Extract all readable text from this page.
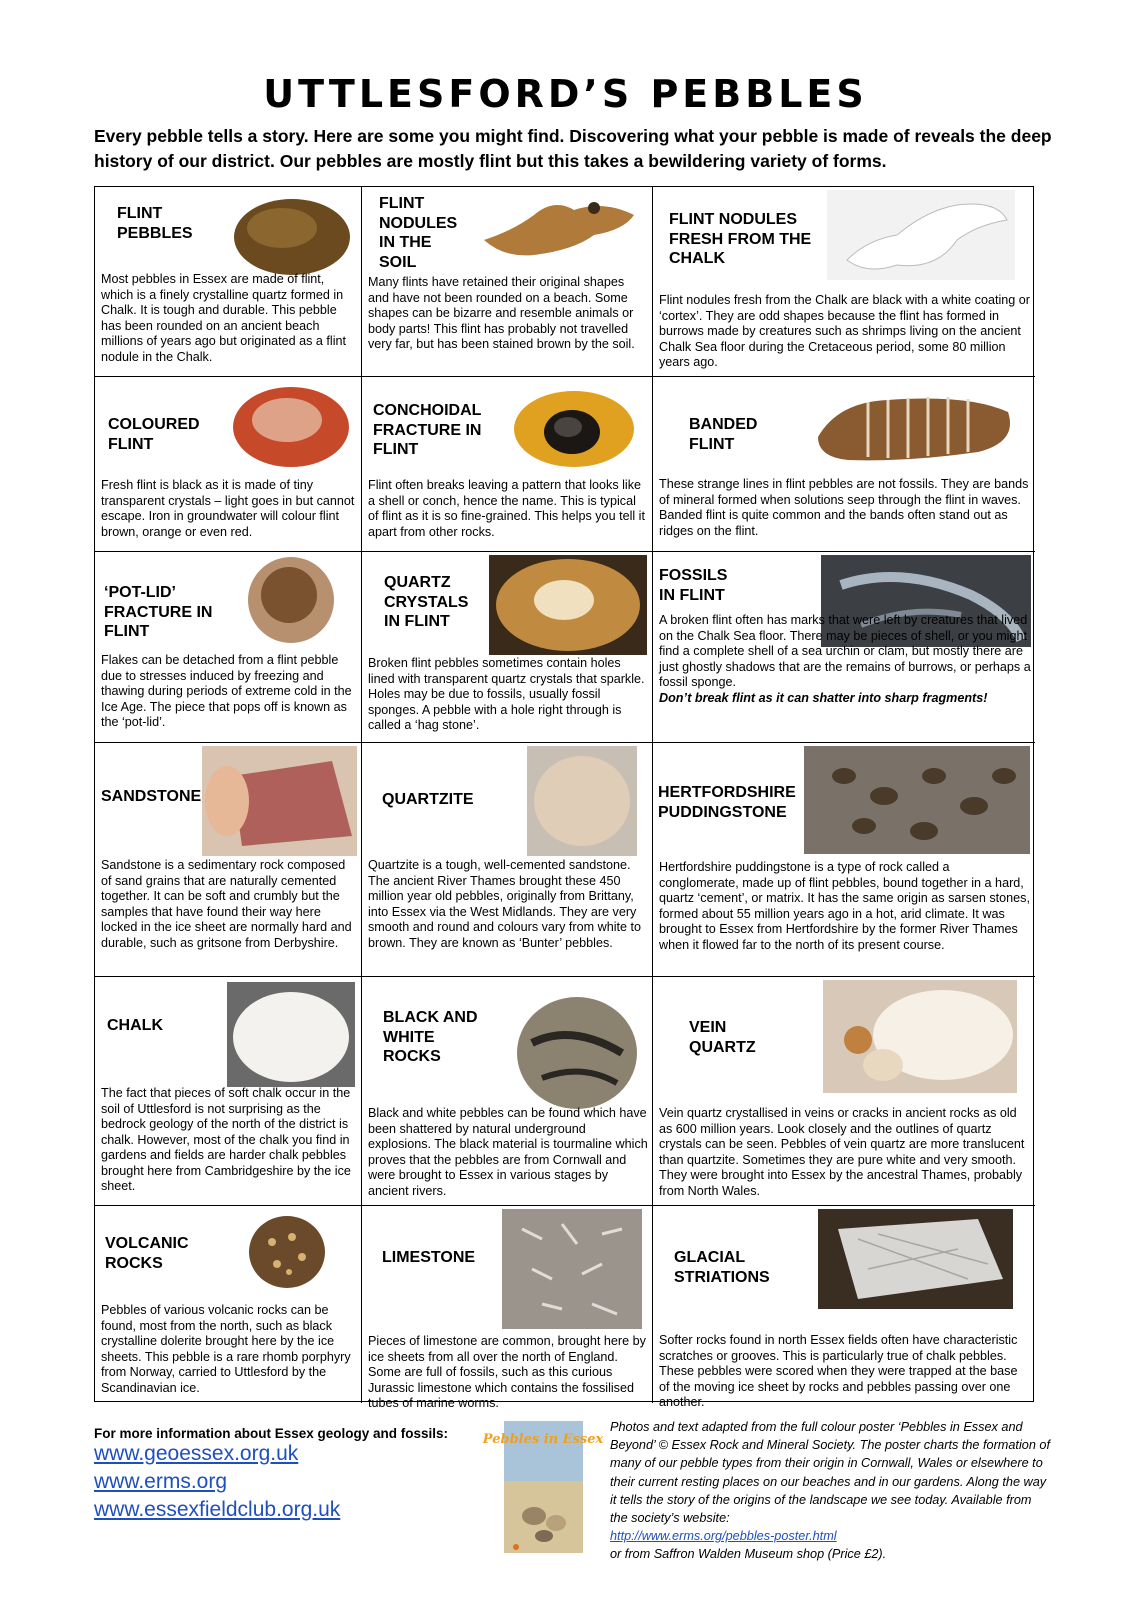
UTTLESFORD’S PEBBLES
Every pebble tells a story. Here are some you might find. Discovering what your pebble is made of reveals the deep history of our district. Our pebbles are mostly flint but this takes a bewildering variety of forms.
FLINT
PEBBLES
Most pebbles in Essex are made of flint, which is a finely crystalline quartz formed in Chalk. It is tough and durable. This pebble has been rounded on an ancient beach millions of years ago but originated as a flint nodule in the Chalk.
FLINT
NODULES
IN THE
SOIL
Many flints have retained their original shapes and have not been rounded on a beach. Some shapes can be bizarre and resemble animals or body parts! This flint has probably not travelled very far, but has been stained brown by the soil.
FLINT NODULES
FRESH FROM THE
CHALK
Flint nodules fresh from the Chalk are black with a white coating or ‘cortex’. They are odd shapes because the flint has formed in burrows made by creatures such as shrimps living on the ancient Chalk Sea floor during the Cretaceous period, some 80 million years ago.
COLOURED
FLINT
Fresh flint is black as it is made of tiny transparent crystals – light goes in but cannot escape. Iron in groundwater will colour flint brown, orange or even red.
CONCHOIDAL
FRACTURE IN
FLINT
Flint often breaks leaving a pattern that looks like a shell or conch, hence the name. This is typical of flint as it is so fine-grained. This helps you tell it apart from other rocks.
BANDED
FLINT
These strange lines in flint pebbles are not fossils. They are bands of mineral formed when solutions seep through the flint in waves. Banded flint is quite common and the bands often stand out as ridges on the flint.
‘POT-LID’
FRACTURE IN
FLINT
Flakes can be detached from a flint pebble due to stresses induced by freezing and thawing during periods of extreme cold in the Ice Age. The piece that pops off is known as the ‘pot-lid’.
QUARTZ
CRYSTALS
IN FLINT
Broken flint pebbles sometimes contain holes lined with transparent quartz crystals that sparkle. Holes may be due to fossils, usually fossil sponges. A pebble with a hole right through is called a ‘hag stone’.
FOSSILS
IN FLINT
A broken flint often has marks that were left by creatures that lived on the Chalk Sea floor. There may be pieces of shell, or you might find a complete shell of a sea urchin or clam, but mostly there are just ghostly shadows that are the remains of burrows, or perhaps a fossil sponge.
Don’t break flint as it can shatter into sharp fragments!
SANDSTONE
Sandstone is a sedimentary rock composed of sand grains that are naturally cemented together. It can be soft and crumbly but the samples that have found their way here locked in the ice sheet are normally hard and durable, such as gritsone from Derbyshire.
QUARTZITE
Quartzite is a tough, well-cemented sandstone. The ancient River Thames brought these 450 million year old pebbles, originally from Brittany, into Essex via the West Midlands. They are very smooth and round and colours vary from white to brown. They are known as ‘Bunter’ pebbles.
HERTFORDSHIRE
PUDDINGSTONE
Hertfordshire puddingstone is a type of rock called a conglomerate, made up of flint pebbles, bound together in a hard, quartz ‘cement’, or matrix. It has the same origin as sarsen stones, formed about 55 million years ago in a hot, arid climate. It was brought to Essex from Hertfordshire by the former River Thames when it flowed far to the north of its present course.
CHALK
The fact that pieces of soft chalk occur in the soil of Uttlesford is not surprising as the bedrock geology of the north of the district is chalk. However, most of the chalk you find in gardens and fields are harder chalk pebbles brought here from Cambridgeshire by the ice sheet.
BLACK AND
WHITE
ROCKS
Black and white pebbles can be found which have been shattered by natural underground explosions. The black material is tourmaline which proves that the pebbles are from Cornwall and were brought to Essex in various stages by ancient rivers.
VEIN
QUARTZ
Vein quartz crystallised in veins or cracks in ancient rocks as old as 600 million years. Look closely and the outlines of quartz crystals can be seen. Pebbles of vein quartz are more translucent than quartzite. Sometimes they are pure white and very smooth. They were brought into Essex by the ancestral Thames, probably from North Wales.
VOLCANIC
ROCKS
Pebbles of various volcanic rocks can be found, most from the north, such as black crystalline dolerite brought here by the ice sheets. This pebble is a rare rhomb porphyry from Norway, carried to Uttlesford by the Scandinavian ice.
LIMESTONE
Pieces of limestone are common, brought here by ice sheets from all over the north of England. Some are full of fossils, such as this curious Jurassic limestone which contains the fossilised tubes of marine worms.
GLACIAL
STRIATIONS
Softer rocks found in north Essex fields often have characteristic scratches or grooves. This is particularly true of chalk pebbles. These pebbles were scored when they were trapped at the base of the moving ice sheet by rocks and pebbles passing over one another.
For more information about Essex geology and fossils:
www.geoessex.org.uk
www.erms.org
www.essexfieldclub.org.uk
Pebbles in Essex
Photos and text adapted from the full colour poster ‘Pebbles in Essex and Beyond’ © Essex Rock and Mineral Society. The poster charts the formation of many of our pebble types from their origin in Cornwall, Wales or elsewhere to their current resting places on our beaches and in our gardens. Along the way it tells the story of the origins of the landscape we see today. Available from the society’s website:
http://www.erms.org/pebbles-poster.html
or from Saffron Walden Museum shop (Price £2).
